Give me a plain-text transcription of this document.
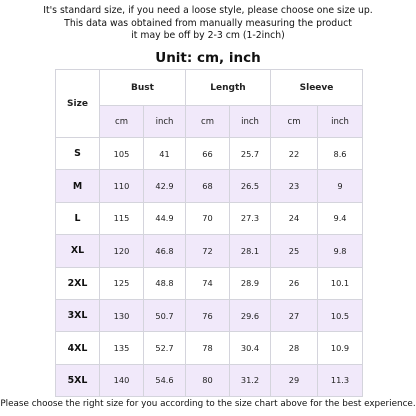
It's standard size, if you need a loose style, please choose one size up.
This data was obtained from manually measuring the product
it may be off by 2-3 cm (1-2inch)
Unit: cm, inch
Size	Bust		Length		Sleeve	
	cm	inch	cm	inch	cm	inch
S	105	41	66	25.7	22	8.6
M	110	42.9	68	26.5	23	9
L	115	44.9	70	27.3	24	9.4
XL	120	46.8	72	28.1	25	9.8
2XL	125	48.8	74	28.9	26	10.1
3XL	130	50.7	76	29.6	27	10.5
4XL	135	52.7	78	30.4	28	10.9
5XL	140	54.6	80	31.2	29	11.3
Please choose the right size for you according to the size chart above for the best experience.
